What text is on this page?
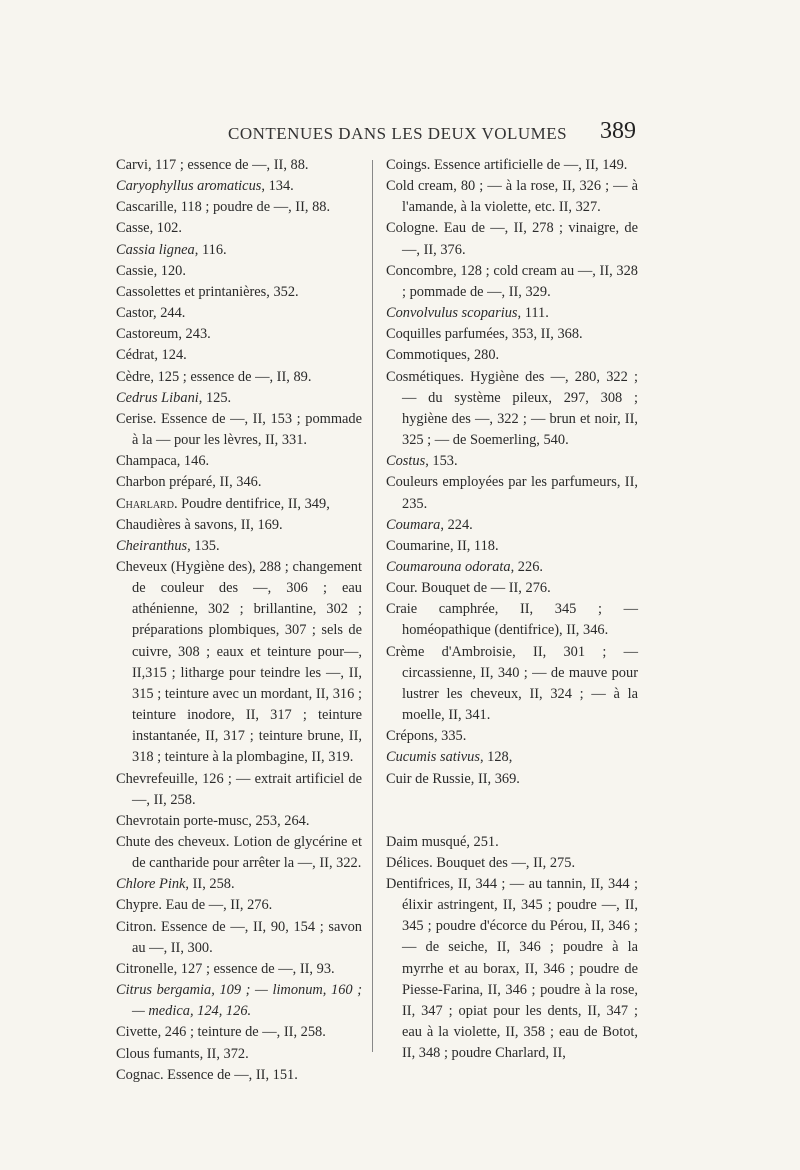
CONTENUES DANS LES DEUX VOLUMES 389

Carvi, 117 ; essence de —, II, 88.

Caryophyllus aromaticus, 134.

Cascarille, 118 ; poudre de —, II, 88.

Casse, 102.

Cassia lignea, 116.

Cassie, 120.

Cassolettes et printanières, 352.

Castor, 244.

Castoreum, 243.

Cédrat, 124.

Cèdre, 125 ; essence de —, II, 89.

Cedrus Libani, 125.

Cerise. Essence de —, II, 153 ; pommade à la — pour les lèvres, II, 331.

Champaca, 146.

Charbon préparé, II, 346.

Charlard. Poudre dentifrice, II, 349,

Chaudières à savons, II, 169.

Cheiranthus, 135.

Cheveux (Hygiène des), 288 ; changement de couleur des —, 306 ; eau athénienne, 302 ; brillantine, 302 ; préparations plombiques, 307 ; sels de cuivre, 308 ; eaux et teinture pour—, II,315 ; litharge pour teindre les —, II, 315 ; teinture avec un mordant, II, 316 ; teinture inodore, II, 317 ; teinture instantanée, II, 317 ; teinture brune, II, 318 ; teinture à la plombagine, II, 319.

Chevrefeuille, 126 ; — extrait artificiel de —, II, 258.

Chevrotain porte-musc, 253, 264.

Chute des cheveux. Lotion de glycérine et de cantharide pour arrêter la —, II, 322.

Chlore Pink, II, 258.

Chypre. Eau de —, II, 276.

Citron. Essence de —, II, 90, 154 ; savon au —, II, 300.

Citronelle, 127 ; essence de —, II, 93.

Citrus bergamia, 109 ; — limonum, 160 ; — medica, 124, 126.

Civette, 246 ; teinture de —, II, 258.

Clous fumants, II, 372.

Cognac. Essence de —, II, 151.

Coings. Essence artificielle de —, II, 149.

Cold cream, 80 ; — à la rose, II, 326 ; — à l'amande, à la violette, etc. II, 327.

Cologne. Eau de —, II, 278 ; vinaigre, de —, II, 376.

Concombre, 128 ; cold cream au —, II, 328 ; pommade de —, II, 329.

Convolvulus scoparius, 111.

Coquilles parfumées, 353, II, 368.

Commotiques, 280.

Cosmétiques. Hygiène des —, 280, 322 ; — du système pileux, 297, 308 ; hygiène des —, 322 ; — brun et noir, II, 325 ; — de Soemerling, 540.

Costus, 153.

Couleurs employées par les parfumeurs, II, 235.

Coumara, 224.

Coumarine, II, 118.

Coumarouna odorata, 226.

Cour. Bouquet de — II, 276.

Craie camphrée, II, 345 ; — homéopathique (dentifrice), II, 346.

Crème d'Ambroisie, II, 301 ; — circassienne, II, 340 ; — de mauve pour lustrer les cheveux, II, 324 ; — à la moelle, II, 341.

Crépons, 335.

Cucumis sativus, 128,

Cuir de Russie, II, 369.

Daim musqué, 251.

Délices. Bouquet des —, II, 275.

Dentifrices, II, 344 ; — au tannin, II, 344 ; élixir astringent, II, 345 ; poudre —, II, 345 ; poudre d'écorce du Pérou, II, 346 ; — de seiche, II, 346 ; poudre à la myrrhe et au borax, II, 346 ; poudre de Piesse-Farina, II, 346 ; poudre à la rose, II, 347 ; opiat pour les dents, II, 347 ; eau à la violette, II, 358 ; eau de Botot, II, 348 ; poudre Charlard, II,
